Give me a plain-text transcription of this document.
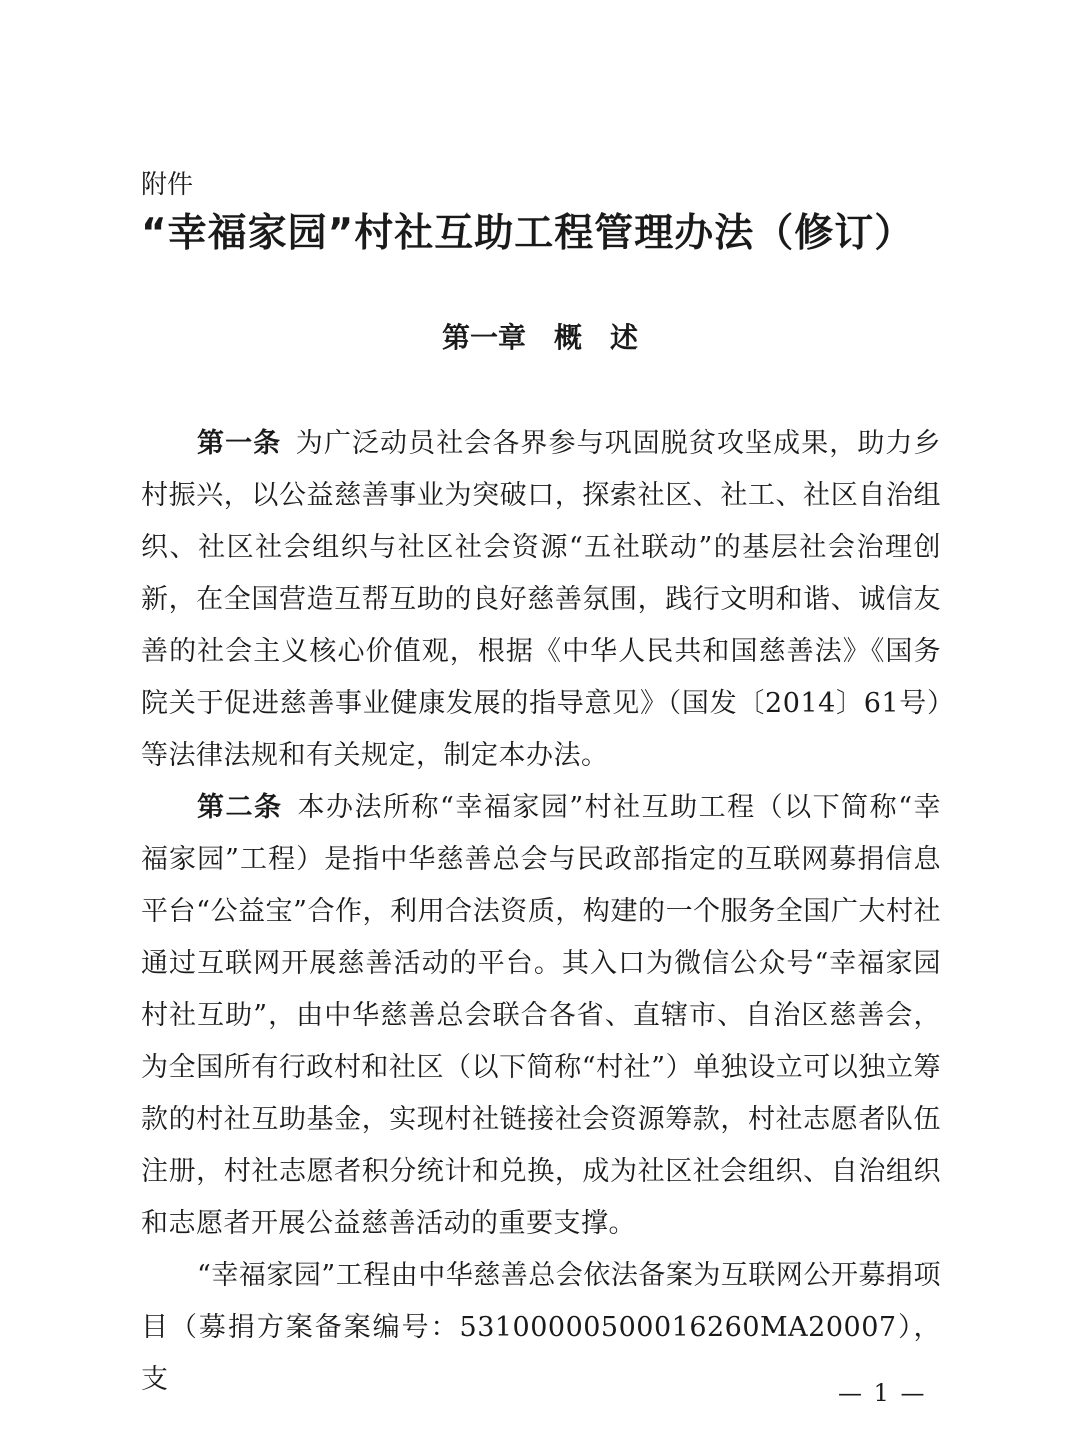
附件
“幸福家园”村社互助工程管理办法（修订）
第一章　概　述

第一条  为广泛动员社会各界参与巩固脱贫攻坚成果，助力乡村振兴，以公益慈善事业为突破口，探索社区、社工、社区自治组织、社区社会组织与社区社会资源“五社联动”的基层社会治理创新，在全国营造互帮互助的良好慈善氛围，践行文明和谐、诚信友善的社会主义核心价值观，根据《中华人民共和国慈善法》《国务院关于促进慈善事业健康发展的指导意见》（国发〔2014〕61号）等法律法规和有关规定，制定本办法。

第二条  本办法所称“幸福家园”村社互助工程（以下简称“幸福家园”工程）是指中华慈善总会与民政部指定的互联网募捐信息平台“公益宝”合作，利用合法资质，构建的一个服务全国广大村社通过互联网开展慈善活动的平台。其入口为微信公众号“幸福家园村社互助”，由中华慈善总会联合各省、直辖市、自治区慈善会，为全国所有行政村和社区（以下简称“村社”）单独设立可以独立筹款的村社互助基金，实现村社链接社会资源筹款，村社志愿者队伍注册，村社志愿者积分统计和兑换，成为社区社会组织、自治组织和志愿者开展公益慈善活动的重要支撑。

“幸福家园”工程由中华慈善总会依法备案为互联网公开募捐项目（募捐方案备案编号：53100000500016260MA20007），支	— 1 —
